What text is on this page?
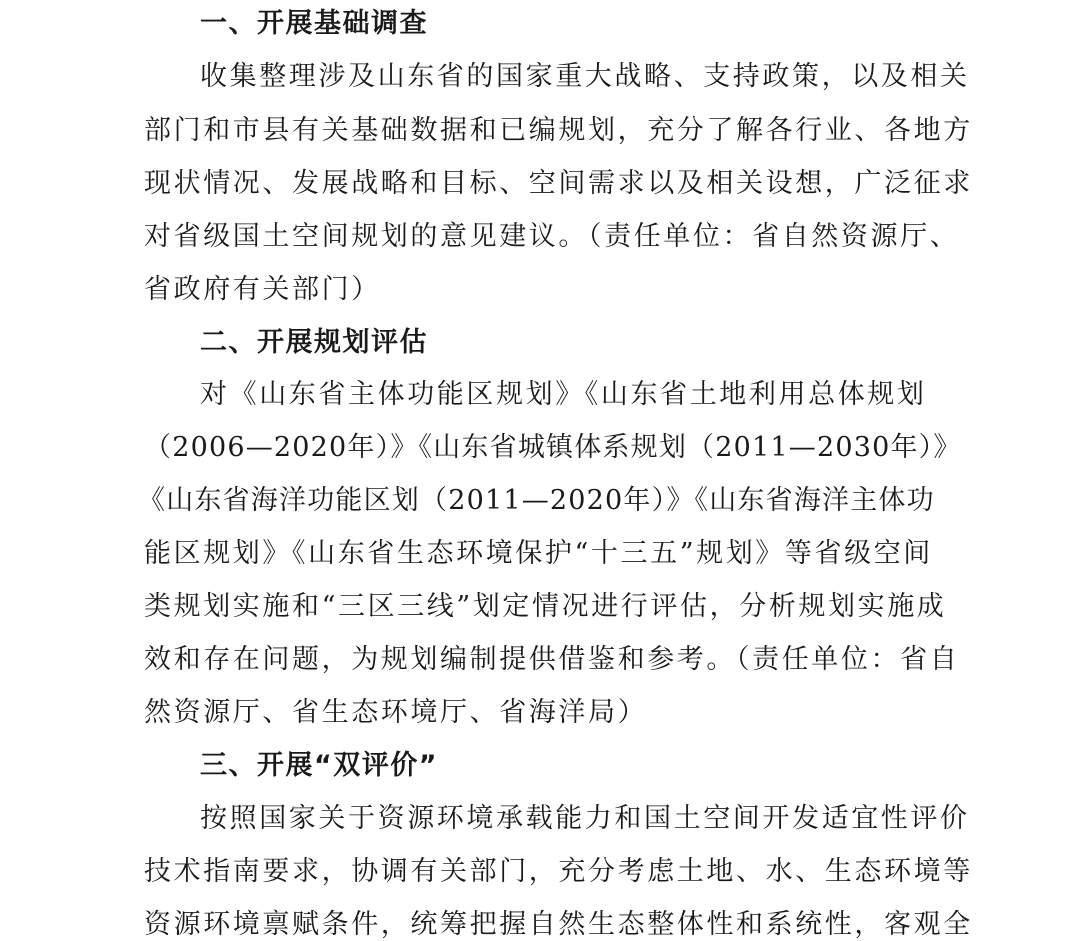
一、开展基础调查
收集整理涉及山东省的国家重大战略、支持政策，以及相关
部门和市县有关基础数据和已编规划，充分了解各行业、各地方
现状情况、发展战略和目标、空间需求以及相关设想，广泛征求
对省级国土空间规划的意见建议。（责任单位：省自然资源厅、
省政府有关部门）
二、开展规划评估
对《山东省主体功能区规划》《山东省土地利用总体规划
（2006—2020年）》《山东省城镇体系规划（2011—2030年）》
《山东省海洋功能区划（2011—2020年）》《山东省海洋主体功
能区规划》《山东省生态环境保护“十三五”规划》等省级空间
类规划实施和“三区三线”划定情况进行评估，分析规划实施成
效和存在问题，为规划编制提供借鉴和参考。（责任单位：省自
然资源厅、省生态环境厅、省海洋局）
三、开展“双评价”
按照国家关于资源环境承载能力和国土空间开发适宜性评价
技术指南要求，协调有关部门，充分考虑土地、水、生态环境等
资源环境禀赋条件，统筹把握自然生态整体性和系统性，客观全
